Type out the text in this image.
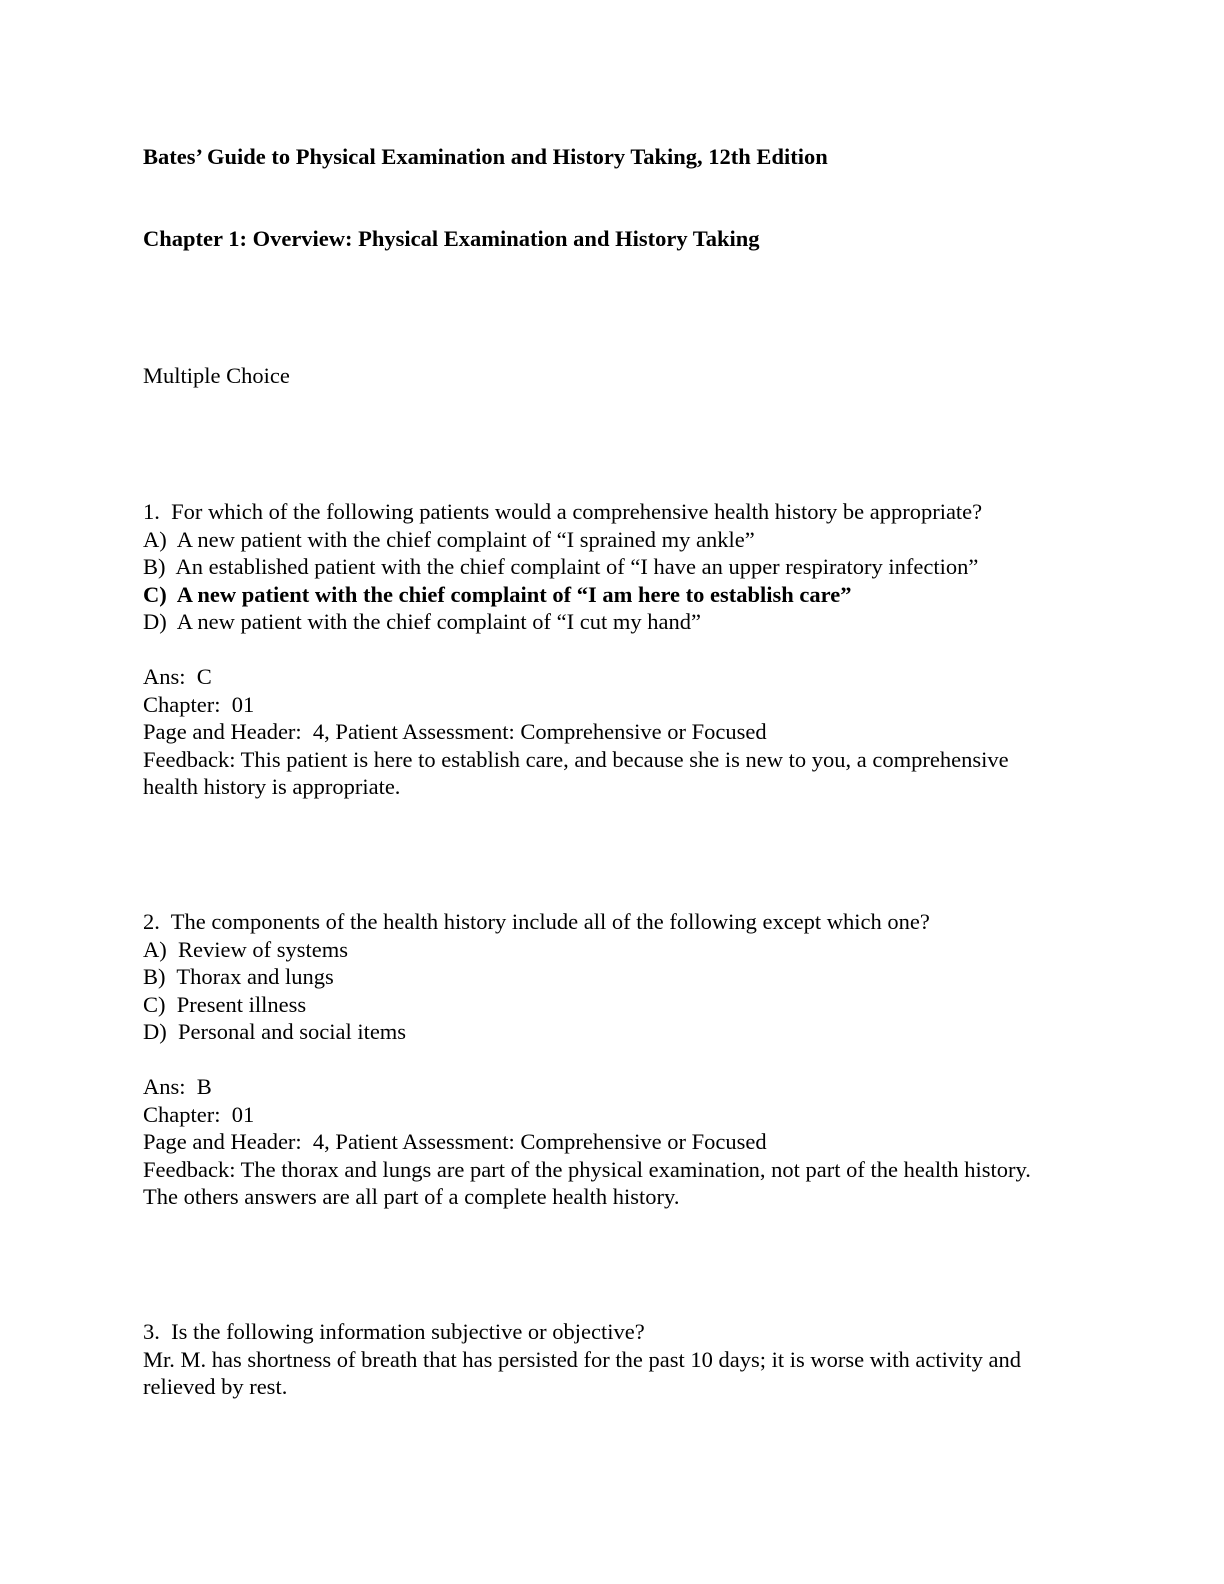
Bates’ Guide to Physical Examination and History Taking, 12th Edition
Chapter 1: Overview: Physical Examination and History Taking
Multiple Choice
1.  For which of the following patients would a comprehensive health history be appropriate?
A)  A new patient with the chief complaint of “I sprained my ankle”
B)  An established patient with the chief complaint of “I have an upper respiratory infection”
C)  A new patient with the chief complaint of “I am here to establish care”
D)  A new patient with the chief complaint of “I cut my hand”
Ans:  C
Chapter:  01
Page and Header:  4, Patient Assessment: Comprehensive or Focused
Feedback: This patient is here to establish care, and because she is new to you, a comprehensive health history is appropriate.
2.  The components of the health history include all of the following except which one?
A)  Review of systems
B)  Thorax and lungs
C)  Present illness
D)  Personal and social items
Ans:  B
Chapter:  01
Page and Header:  4, Patient Assessment: Comprehensive or Focused
Feedback: The thorax and lungs are part of the physical examination, not part of the health history. The others answers are all part of a complete health history.
3.  Is the following information subjective or objective?
Mr. M. has shortness of breath that has persisted for the past 10 days; it is worse with activity and relieved by rest.
